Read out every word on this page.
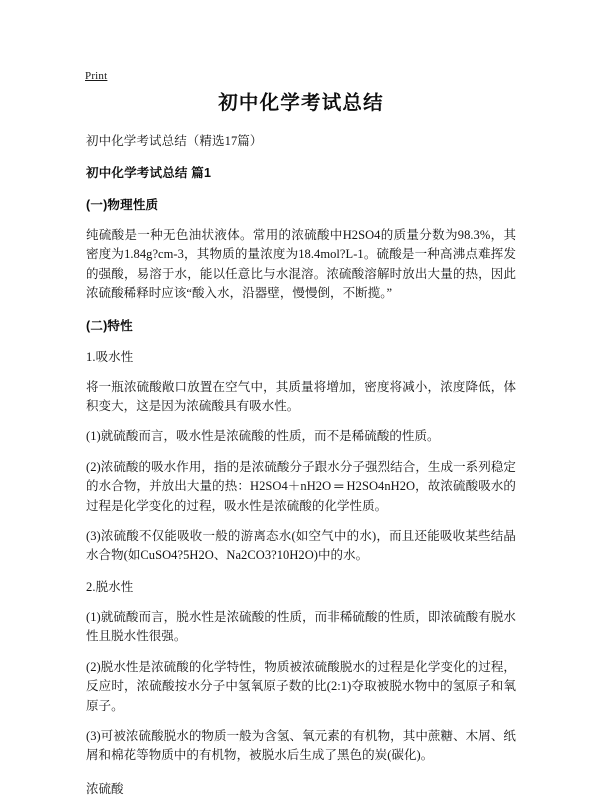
Print
初中化学考试总结

初中化学考试总结（精选17篇）

初中化学考试总结 篇1

(一)物理性质

纯硫酸是一种无色油状液体。常用的浓硫酸中H2SO4的质量分数为98.3%，其密度为1.84g?cm-3，其物质的量浓度为18.4mol?L-1。硫酸是一种高沸点难挥发的强酸，易溶于水，能以任意比与水混溶。浓硫酸溶解时放出大量的热，因此浓硫酸稀释时应该“酸入水，沿器壁，慢慢倒，不断揽。”

(二)特性

1.吸水性

将一瓶浓硫酸敞口放置在空气中，其质量将增加，密度将减小，浓度降低，体积变大，这是因为浓硫酸具有吸水性。

(1)就硫酸而言，吸水性是浓硫酸的性质，而不是稀硫酸的性质。

(2)浓硫酸的吸水作用，指的是浓硫酸分子跟水分子强烈结合，生成一系列稳定的水合物，并放出大量的热：H2SO4＋nH2O ═ H2SO4nH2O，故浓硫酸吸水的过程是化学变化的过程，吸水性是浓硫酸的化学性质。

(3)浓硫酸不仅能吸收一般的游离态水(如空气中的水)，而且还能吸收某些结晶水合物(如CuSO4?5H2O、Na2CO3?10H2O)中的水。

2.脱水性

(1)就硫酸而言，脱水性是浓硫酸的性质，而非稀硫酸的性质，即浓硫酸有脱水性且脱水性很强。

(2)脱水性是浓硫酸的化学特性，物质被浓硫酸脱水的过程是化学变化的过程，反应时，浓硫酸按水分子中氢氧原子数的比(2:1)夺取被脱水物中的氢原子和氧原子。

(3)可被浓硫酸脱水的物质一般为含氢、氧元素的有机物，其中蔗糖、木屑、纸屑和棉花等物质中的有机物，被脱水后生成了黑色的炭(碳化)。

浓硫酸
